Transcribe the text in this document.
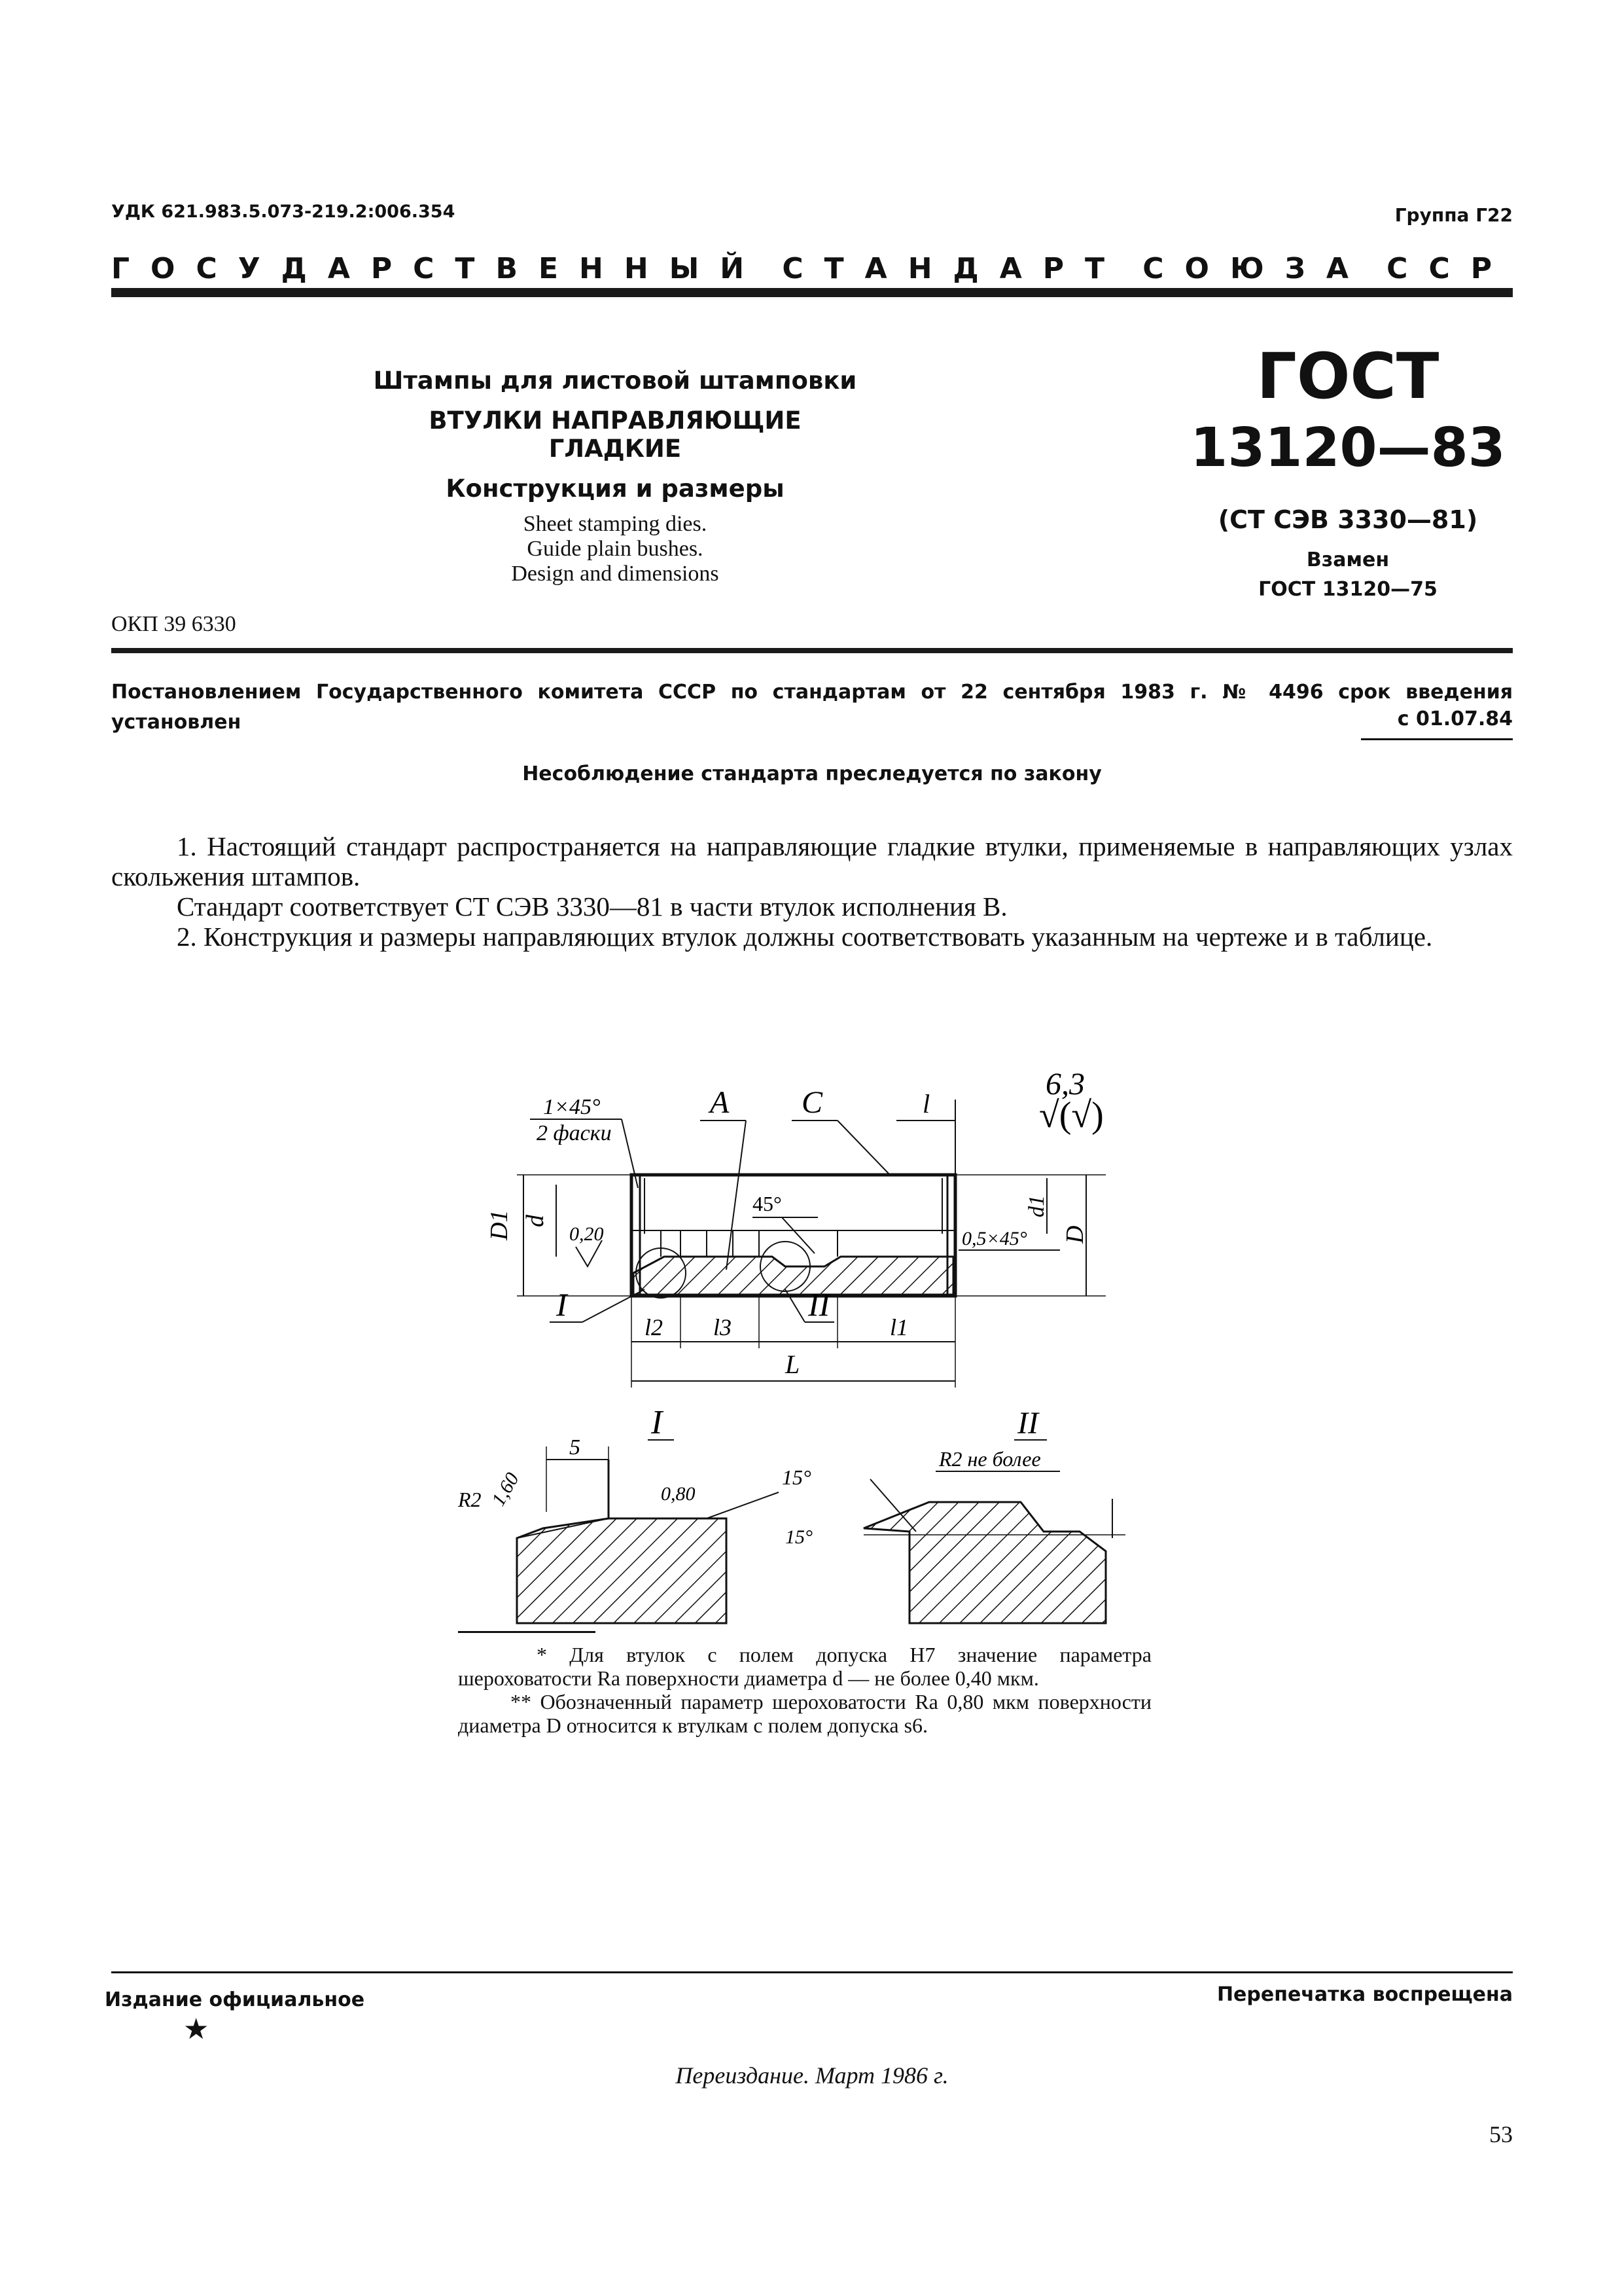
УДК 621.983.5.073-219.2:006.354	Группа Г22
ГОСУДАРСТВЕННЫЙ СТАНДАРТ СОЮЗА ССР
Штампы для листовой штамповки
ВТУЛКИ НАПРАВЛЯЮЩИЕ ГЛАДКИЕ
Конструкция и размеры
Sheet stamping dies.
Guide plain bushes.
Design and dimensions
ГОСТ
13120—83
(СТ СЭВ 3330—81)
Взамен
ГОСТ 13120—75
ОКП 39 6330
Постановлением Государственного комитета СССР по стандартам от 22 сентября 1983 г. № 4496 срок введения установлен	с 01.07.84
Несоблюдение стандарта преследуется по закону

1. Настоящий стандарт распространяется на направляющие гладкие втулки, применяемые в направляющих узлах скольжения штампов.

Стандарт соответствует СТ СЭВ 3330—81 в части втулок исполнения В.

2. Конструкция и размеры направляющих втулок должны соответствовать указанным на чертеже и в таблице.

6,3
√(√)
1×45°
2 фаски
A C	l
45°
D1 d
0,20	D
d1
0,5×45°
I	II
l2 l3	l1
L
I	II
R2 не более
5
R2 1,60	0,80
15°
15°

* Для втулок с полем допуска Н7 значение параметра шероховатости Ra поверхности диаметра d — не более 0,40 мкм.

** Обозначенный параметр шероховатости Ra 0,80 мкм поверхности диаметра D относится к втулкам с полем допуска s6.

Издание официальное	Перепечатка воспрещена
★
Переиздание. Март 1986 г.
53
